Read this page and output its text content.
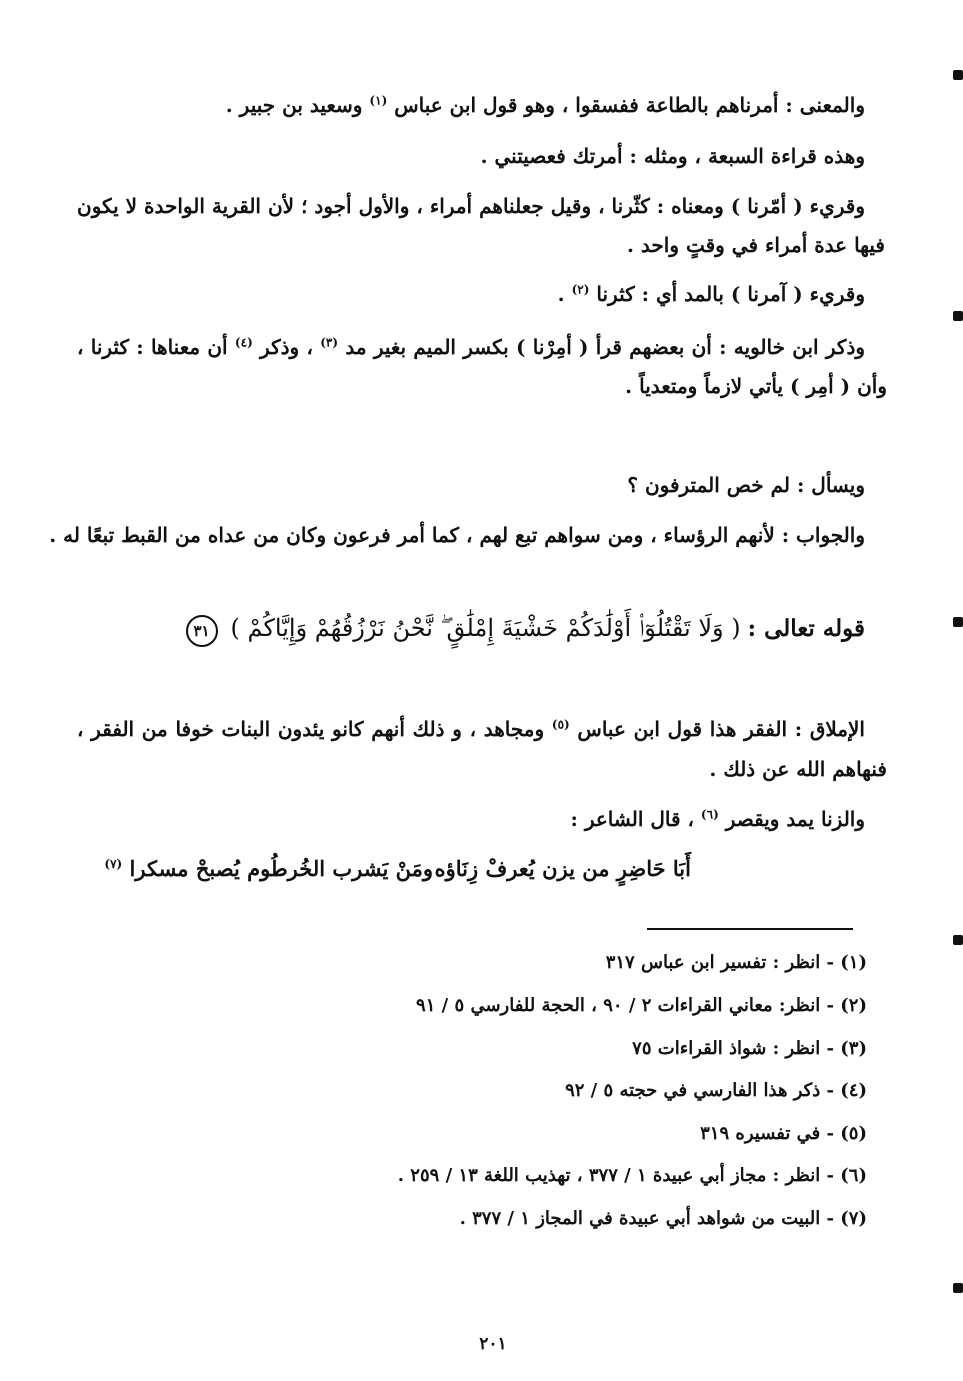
والمعنى : أمرناهم بالطاعة ففسقوا ، وهو قول ابن عباس $^{(١)}$ وسعيد بن جبير .
وهذه قراءة السبعة ، ومثله : أمرتك فعصيتني .
وقريء ( أمّرنا ) ومعناه : كثّرنا ، وقيل جعلناهم أمراء ، والأول أجود ؛ لأن القرية الواحدة لا يكون
فيها عدة أمراء في وقتٍ واحد .
وقريء ( آمرنا ) بالمد أي : كثرنا $^{(٢)}$ .
وذكر ابن خالويه : أن بعضهم قرأ ( أمِرْنا ) بكسر الميم بغير مد $^{(٣)}$ ، وذكر $^{(٤)}$ أن معناها : كثرنا ،
وأن ( أمِر ) يأتي لازماً ومتعدياً .
ويسأل : لم خص المترفون ؟
والجواب : لأنهم الرؤساء ، ومن سواهم تبع لهم ، كما أمر فرعون وكان من عداه من القبط تبعًا له .
قوله تعالى : ( وَلَا تَقْتُلُوٓا۟ أَوْلَٰدَكُمْ خَشْيَةَ إِمْلَٰقٍ ۖ نَّحْنُ نَرْزُقُهُمْ وَإِيَّاكُمْ ) ٣١
الإملاق : الفقر هذا قول ابن عباس $^{(٥)}$ ومجاهد ، و ذلك أنهم كانو يئدون البنات خوفا من الفقر ،
فنهاهم الله عن ذلك .
والزنا يمد ويقصر $^{(٦)}$ ، قال الشاعر :
أَبَا حَاضِرٍ من يزن يُعرفْ زِنَاؤه
ومَنْ يَشرب الخُرطُوم يُصبحْ مسكرا $^{(٧)}$
(١) - انظر : تفسير ابن عباس ٣١٧
(٢) - انظر: معاني القراءات ٢ / ٩٠ ، الحجة للفارسي ٥ / ٩١
(٣) - انظر : شواذ القراءات ٧٥
(٤) - ذكر هذا الفارسي في حجته ٥ / ٩٢
(٥) - في تفسيره ٣١٩
(٦) - انظر : مجاز أبي عبيدة ١ / ٣٧٧ ، تهذيب اللغة ١٣ / ٢٥٩ .
(٧) - البيت من شواهد أبي عبيدة في المجاز ١ / ٣٧٧ .
٢٠١
